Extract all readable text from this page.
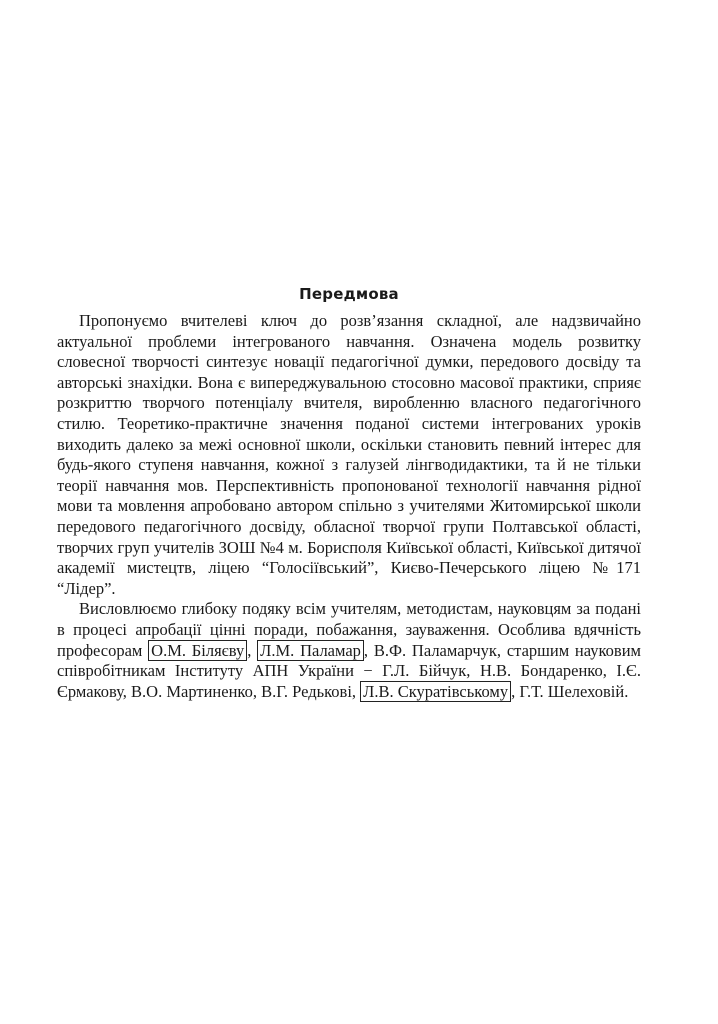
Передмова

Пропонуємо вчителеві ключ до розв’язання складної, але надзвичайно актуальної проблеми інтегрованого навчання. Означена модель розвитку словесної творчості синтезує новації педагогічної думки, передового досвіду та авторські знахідки. Вона є випереджувальною стосовно масової практики, сприяє розкриттю творчого потенціалу вчителя, виробленню власного педагогічного стилю. Теоретико-практичне значення поданої системи інтегрованих уроків виходить далеко за межі основної школи, оскільки становить певний інтерес для будь-якого ступеня навчання, кожної з галузей лінгводидактики, та й не тільки теорії навчання мов. Перспективність пропонованої технології навчання рідної мови та мовлення апробовано автором спільно з учителями Житомирської школи передового педагогічного досвіду, обласної творчої групи Полтавської області, творчих груп учителів ЗОШ №4 м. Борисполя Київської області, Київської дитячої академії мистецтв, ліцею “Голосіївський”, Києво-Печерського ліцею №171 “Лідер”.

Висловлюємо глибоку подяку всім учителям, методистам, науковцям за подані в процесі апробації цінні поради, побажання, зауваження. Особлива вдячність професорам О.М. Біляєву , Л.М. Паламар , В.Ф. Паламарчук, старшим науковим співробітникам Інституту АПН України − Г.Л. Бійчук, Н.В. Бондаренко, І.Є. Єрмакову, В.О. Мартиненко, В.Г. Редькові, Л.В. Скуратівському , Г.Т. Шелеховій.
